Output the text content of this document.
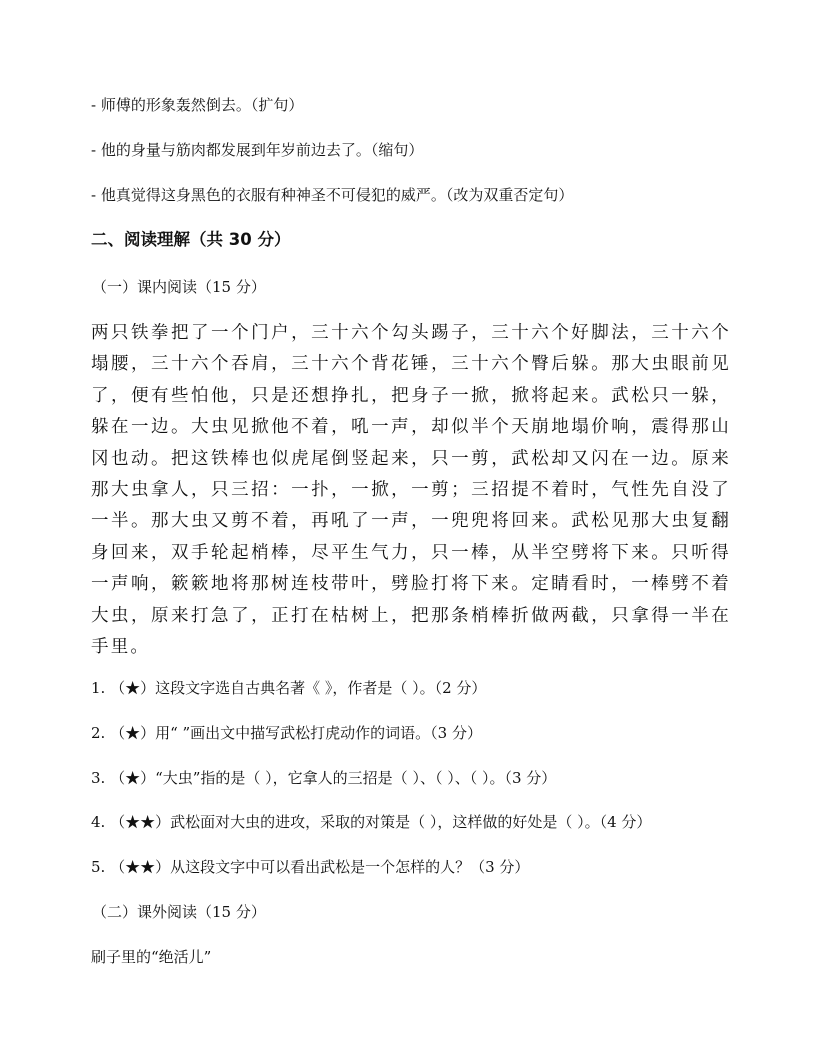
- 师傅的形象轰然倒去。（扩句）
- 他的身量与筋肉都发展到年岁前边去了。（缩句）
- 他真觉得这身黑色的衣服有种神圣不可侵犯的威严。（改为双重否定句）
二、阅读理解（共 30 分）
（一）课内阅读（15 分）
两只铁拳把了一个门户，三十六个勾头踢子，三十六个好脚法，三十六个塌腰，三十六个吞肩，三十六个背花锤，三十六个臀后躲。那大虫眼前见了，便有些怕他，只是还想挣扎，把身子一掀，掀将起来。武松只一躲，躲在一边。大虫见掀他不着，吼一声，却似半个天崩地塌价响，震得那山冈也动。把这铁棒也似虎尾倒竖起来，只一剪，武松却又闪在一边。原来那大虫拿人，只三招：一扑，一掀，一剪；三招提不着时，气性先自没了一半。那大虫又剪不着，再吼了一声，一兜兜将回来。武松见那大虫复翻身回来，双手轮起梢棒，尽平生气力，只一棒，从半空劈将下来。只听得一声响，簌簌地将那树连枝带叶，劈脸打将下来。定睛看时，一棒劈不着大虫，原来打急了，正打在枯树上，把那条梢棒折做两截，只拿得一半在手里。
1. （★）这段文字选自古典名著《 》，作者是（ ）。（2 分）
2. （★）用“ ”画出文中描写武松打虎动作的词语。（3 分）
3. （★）“大虫”指的是（ ），它拿人的三招是（ ）、（ ）、（ ）。（3 分）
4. （★★）武松面对大虫的进攻，采取的对策是（ ），这样做的好处是（ ）。（4 分）
5. （★★）从这段文字中可以看出武松是一个怎样的人？（3 分）
（二）课外阅读（15 分）
刷子里的“绝活儿”
